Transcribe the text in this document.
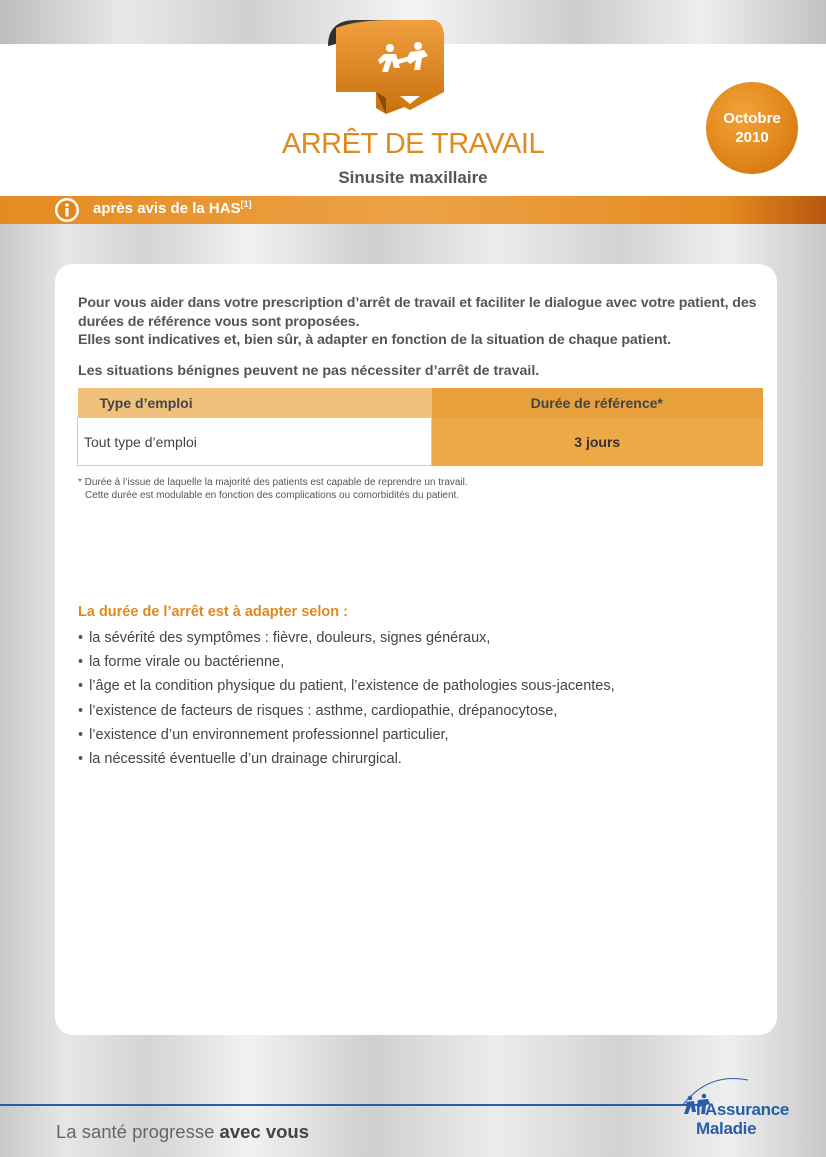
ARRÊT DE TRAVAIL
Sinusite maxillaire
Octobre
2010
après avis de la HAS[1]

Pour vous aider dans votre prescription d’arrêt de travail et faciliter le dialogue avec votre patient, des durées de référence vous sont proposées.

Elles sont indicatives et, bien sûr, à adapter en fonction de la situation de chaque patient.

Les situations bénignes peuvent ne pas nécessiter d’arrêt de travail.
Type d’emploi	Durée de référence*
Tout type d’emploi	3 jours

* Durée à l’issue de laquelle la majorité des patients est capable de reprendre un travail.

Cette durée est modulable en fonction des complications ou comorbidités du patient.

La durée de l’arrêt est à adapter selon :
• la sévérité des symptômes : fièvre, douleurs, signes généraux,
• la forme virale ou bactérienne,
• l’âge et la condition physique du patient, l’existence de pathologies sous-jacentes,
• l’existence de facteurs de risques : asthme, cardiopathie, drépanocytose,
• l’existence d’un environnement professionnel particulier,
• la nécessité éventuelle d’un drainage chirurgical.
La santé progresse avec vous
l’Assurance
Maladie
